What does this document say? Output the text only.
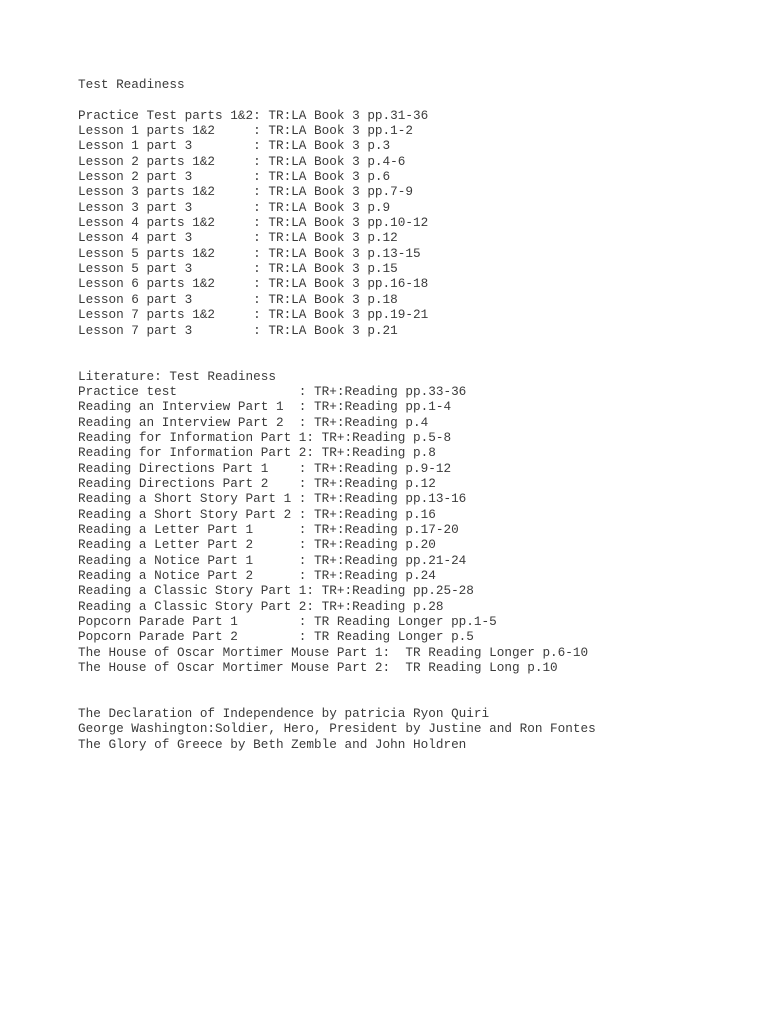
Test Readiness
Practice Test parts 1&2: TR:LA Book 3 pp.31-36
Lesson 1 parts 1&2     : TR:LA Book 3 pp.1-2
Lesson 1 part 3        : TR:LA Book 3 p.3
Lesson 2 parts 1&2     : TR:LA Book 3 p.4-6
Lesson 2 part 3        : TR:LA Book 3 p.6
Lesson 3 parts 1&2     : TR:LA Book 3 pp.7-9
Lesson 3 part 3        : TR:LA Book 3 p.9
Lesson 4 parts 1&2     : TR:LA Book 3 pp.10-12
Lesson 4 part 3        : TR:LA Book 3 p.12
Lesson 5 parts 1&2     : TR:LA Book 3 p.13-15
Lesson 5 part 3        : TR:LA Book 3 p.15
Lesson 6 parts 1&2     : TR:LA Book 3 pp.16-18
Lesson 6 part 3        : TR:LA Book 3 p.18
Lesson 7 parts 1&2     : TR:LA Book 3 pp.19-21
Lesson 7 part 3        : TR:LA Book 3 p.21
Literature: Test Readiness
Practice test                : TR+:Reading pp.33-36
Reading an Interview Part 1  : TR+:Reading pp.1-4
Reading an Interview Part 2  : TR+:Reading p.4
Reading for Information Part 1: TR+:Reading p.5-8
Reading for Information Part 2: TR+:Reading p.8
Reading Directions Part 1    : TR+:Reading p.9-12
Reading Directions Part 2    : TR+:Reading p.12
Reading a Short Story Part 1 : TR+:Reading pp.13-16
Reading a Short Story Part 2 : TR+:Reading p.16
Reading a Letter Part 1      : TR+:Reading p.17-20
Reading a Letter Part 2      : TR+:Reading p.20
Reading a Notice Part 1      : TR+:Reading pp.21-24
Reading a Notice Part 2      : TR+:Reading p.24
Reading a Classic Story Part 1: TR+:Reading pp.25-28
Reading a Classic Story Part 2: TR+:Reading p.28
Popcorn Parade Part 1        : TR Reading Longer pp.1-5
Popcorn Parade Part 2        : TR Reading Longer p.5
The House of Oscar Mortimer Mouse Part 1:  TR Reading Longer p.6-10
The House of Oscar Mortimer Mouse Part 2:  TR Reading Long p.10
The Declaration of Independence by patricia Ryon Quiri
George Washington:Soldier, Hero, President by Justine and Ron Fontes
The Glory of Greece by Beth Zemble and John Holdren
